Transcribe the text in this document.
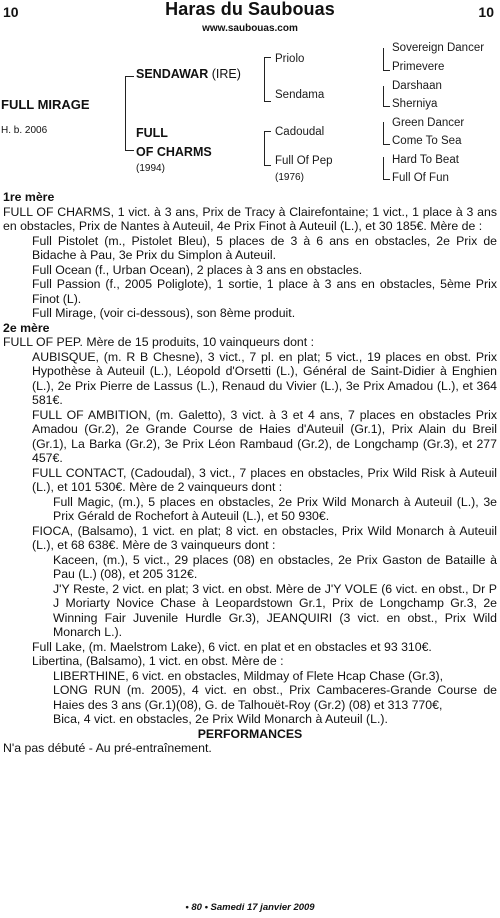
10	10
Haras du Saubouas
www.saubouas.com
FULL MIRAGE
H. b. 2006
SENDAWAR (IRE)
FULL
OF CHARMS
(1994)
Priolo
Sendama
Cadoudal
Full Of Pep
(1976)
Sovereign Dancer
Primevere
Darshaan
Sherniya
Green Dancer
Come To Sea
Hard To Beat
Full Of Fun

1re mère

FULL OF CHARMS, 1 vict. à 3 ans, Prix de Tracy à Clairefontaine; 1 vict., 1 place à 3 ans en obstacles, Prix de Nantes à Auteuil, 4e Prix Finot à Auteuil (L.), et 30 185€. Mère de :

Full Pistolet (m., Pistolet Bleu), 5 places de 3 à 6 ans en obstacles, 2e Prix de Bidache à Pau, 3e Prix du Simplon à Auteuil.

Full Ocean (f., Urban Ocean), 2 places à 3 ans en obstacles.

Full Passion (f., 2005 Poliglote), 1 sortie, 1 place à 3 ans en obstacles, 5ème Prix Finot (L).

Full Mirage, (voir ci-dessous), son 8ème produit.

2e mère

FULL OF PEP. Mère de 15 produits, 10 vainqueurs dont :

AUBISQUE, (m. R B Chesne), 3 vict., 7 pl. en plat; 5 vict., 19 places en obst. Prix Hypothèse à Auteuil (L.), Léopold d'Orsetti (L.), Général de Saint-Didier à Enghien (L.), 2e Prix Pierre de Lassus (L.), Renaud du Vivier (L.), 3e Prix Amadou (L.), et 364 581€.

FULL OF AMBITION, (m. Galetto), 3 vict. à 3 et 4 ans, 7 places en obstacles Prix Amadou (Gr.2), 2e Grande Course de Haies d'Auteuil (Gr.1), Prix Alain du Breil (Gr.1), La Barka (Gr.2), 3e Prix Léon Rambaud (Gr.2), de Longchamp (Gr.3), et 277 457€.

FULL CONTACT, (Cadoudal), 3 vict., 7 places en obstacles, Prix Wild Risk à Auteuil (L.), et 101 530€. Mère de 2 vainqueurs dont :

Full Magic, (m.), 5 places en obstacles, 2e Prix Wild Monarch à Auteuil (L.), 3e Prix Gérald de Rochefort à Auteuil (L.), et 50 930€.

FIOCA, (Balsamo), 1 vict. en plat; 8 vict. en obstacles, Prix Wild Monarch à Auteuil (L.), et 68 638€. Mère de 3 vainqueurs dont :

Kaceen, (m.), 5 vict., 29 places (08) en obstacles, 2e Prix Gaston de Bataille à Pau (L.) (08), et 205 312€.

J'Y Reste, 2 vict. en plat; 3 vict. en obst. Mère de J'Y VOLE (6 vict. en obst., Dr P J Moriarty Novice Chase à Leopardstown Gr.1, Prix de Longchamp Gr.3, 2e Winning Fair Juvenile Hurdle Gr.3), JEANQUIRI (3 vict. en obst., Prix Wild Monarch L.).

Full Lake, (m. Maelstrom Lake), 6 vict. en plat et en obstacles et 93 310€.

Libertina, (Balsamo), 1 vict. en obst. Mère de :

LIBERTHINE, 6 vict. en obstacles, Mildmay of Flete Hcap Chase (Gr.3),

LONG RUN (m. 2005), 4 vict. en obst., Prix Cambaceres-Grande Course de Haies des 3 ans (Gr.1)(08), G. de Talhouët-Roy (Gr.2) (08) et 313 770€,

Bica, 4 vict. en obstacles, 2e Prix Wild Monarch à Auteuil (L.).

PERFORMANCES

N'a pas débuté - Au pré-entraînement.

• 80 • Samedi 17 janvier 2009
